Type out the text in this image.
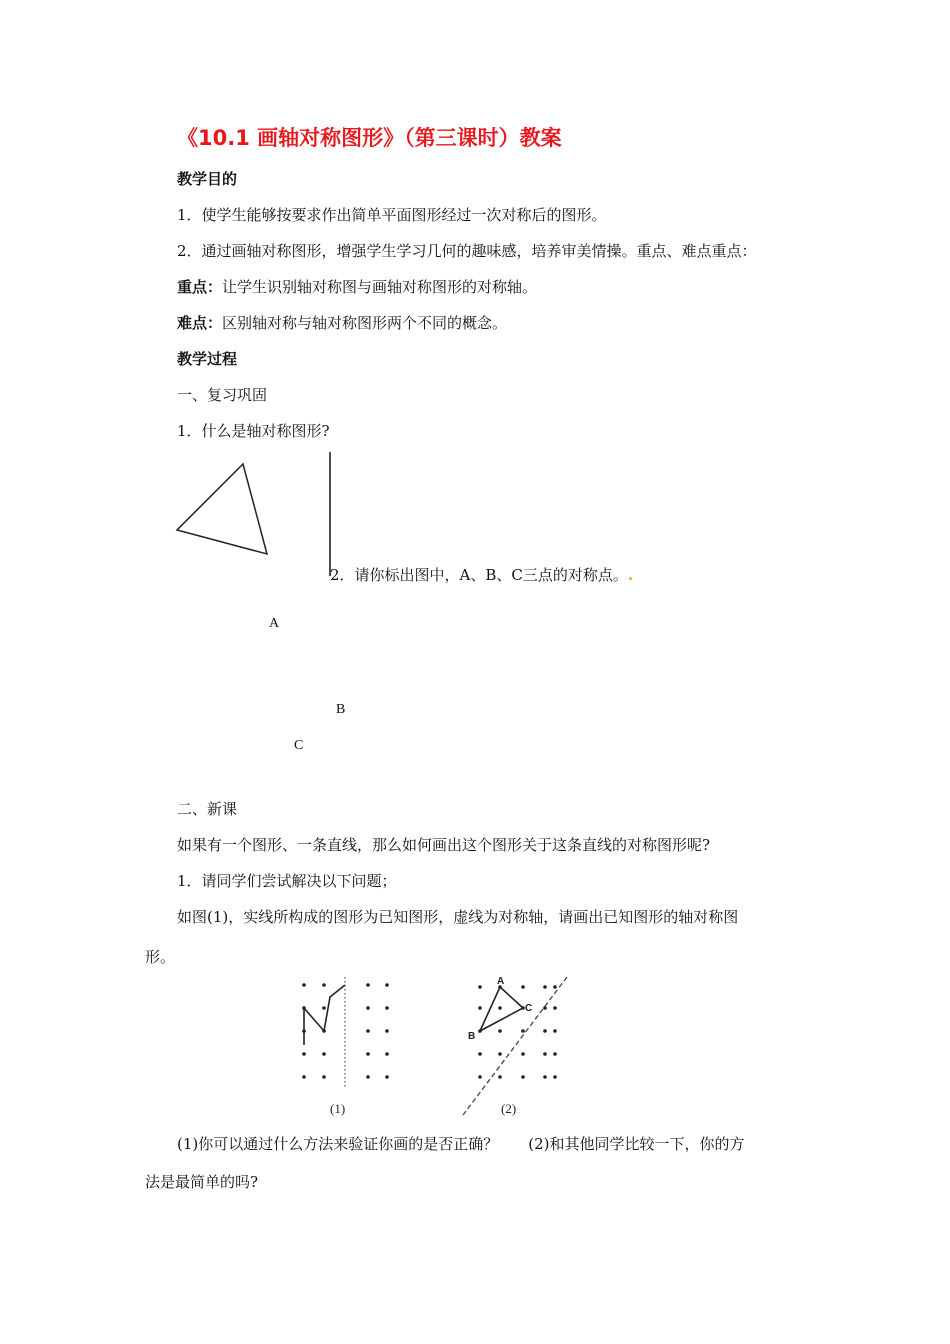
《10.1 画轴对称图形》（第三课时）教案
教学目的
1．使学生能够按要求作出简单平面图形经过一次对称后的图形。
2．通过画轴对称图形，增强学生学习几何的趣味感，培养审美情操。重点、难点重点：
重点：让学生识别轴对称图与画轴对称图形的对称轴。
难点：区别轴对称与轴对称图形两个不同的概念。
教学过程
一、复习巩固
1．什么是轴对称图形?
2．请你标出图中，A、B、C三点的对称点。.
A
B
C
二、新课
如果有一个图形、一条直线，那么如何画出这个图形关于这条直线的对称图形呢?
1．请同学们尝试解决以下问题；
如图(1)，实线所构成的图形为已知图形，虚线为对称轴，请画出已知图形的轴对称图
形。
(1)
A
B
C
(2)
(1)你可以通过什么方法来验证你画的是否正确？　　(2)和其他同学比较一下，你的方
法是最简单的吗?
